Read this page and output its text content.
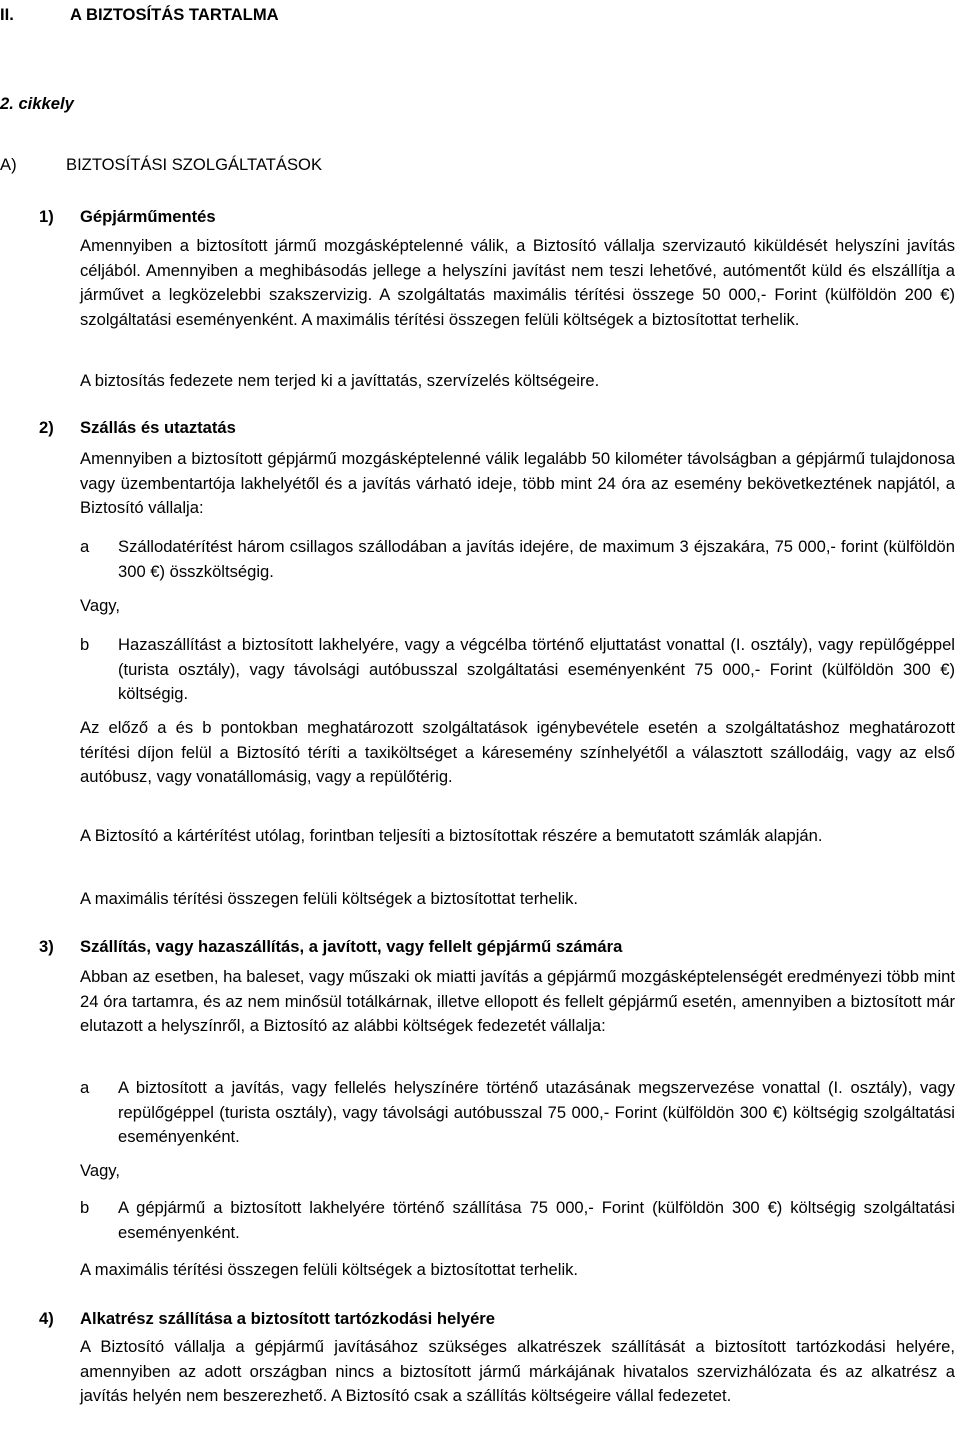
II.	A BIZTOSÍTÁS TARTALMA
2. cikkely
A)	BIZTOSÍTÁSI SZOLGÁLTATÁSOK
1) Gépjárműmentés

Amennyiben a biztosított jármű mozgásképtelenné válik, a Biztosító vállalja szervizautó kiküldését helyszíni javítás céljából. Amennyiben a meghibásodás jellege a helyszíni javítást nem teszi lehetővé, autómentőt küld és elszállítja a járművet a legközelebbi szakszervizig. A szolgáltatás maximális térítési összege 50 000,- Forint (külföldön 200 €) szolgáltatási eseményenként. A maximális térítési összegen felüli költségek a biztosítottat terhelik.

A biztosítás fedezete nem terjed ki a javíttatás, szervízelés költségeire.

2) Szállás és utaztatás

Amennyiben a biztosított gépjármű mozgásképtelenné válik legalább 50 kilométer távolságban a gépjármű tulajdonosa vagy üzembentartója lakhelyétől és a javítás várható ideje, több mint 24 óra az esemény bekövetkeztének napjától, a Biztosító vállalja:

a Szállodatérítést három csillagos szállodában a javítás idejére, de maximum 3 éjszakára, 75 000,- forint (külföldön 300 €) összköltségig.

Vagy,
b Hazaszállítást a biztosított lakhelyére, vagy a végcélba történő eljuttatást vonattal (I. osztály), vagy repülőgéppel (turista osztály), vagy távolsági autóbusszal szolgáltatási eseményenként 75 000,- Forint (külföldön 300 €) költségig.

Az előző a és b pontokban meghatározott szolgáltatások igénybevétele esetén a szolgáltatáshoz meghatározott térítési díjon felül a Biztosító téríti a taxiköltséget a káresemény színhelyétől a választott szállodáig, vagy az első autóbusz, vagy vonatállomásig, vagy a repülőtérig.

A Biztosító a kártérítést utólag, forintban teljesíti a biztosítottak részére a bemutatott számlák alapján.

A maximális térítési összegen felüli költségek a biztosítottat terhelik.

3) Szállítás, vagy hazaszállítás, a javított, vagy fellelt gépjármű számára

Abban az esetben, ha baleset, vagy műszaki ok miatti javítás a gépjármű mozgásképtelenségét eredményezi több mint 24 óra tartamra, és az nem minősül totálkárnak, illetve ellopott és fellelt gépjármű esetén, amennyiben a biztosított már elutazott a helyszínről, a Biztosító az alábbi költségek fedezetét vállalja:

a A biztosított a javítás, vagy fellelés helyszínére történő utazásának megszervezése vonattal (I. osztály), vagy repülőgéppel (turista osztály), vagy távolsági autóbusszal 75 000,- Forint (külföldön 300 €) költségig szolgáltatási eseményenként.

Vagy,
b A gépjármű a biztosított lakhelyére történő szállítása 75 000,- Forint (külföldön 300 €) költségig szolgáltatási eseményenként.

A maximális térítési összegen felüli költségek a biztosítottat terhelik.

4) Alkatrész szállítása a biztosított tartózkodási helyére

A Biztosító vállalja a gépjármű javításához szükséges alkatrészek szállítását a biztosított tartózkodási helyére, amennyiben az adott országban nincs a biztosított jármű márkájának hivatalos szervizhálózata és az alkatrész a javítás helyén nem beszerezhető. A Biztosító csak a szállítás költségeire vállal fedezetet.
